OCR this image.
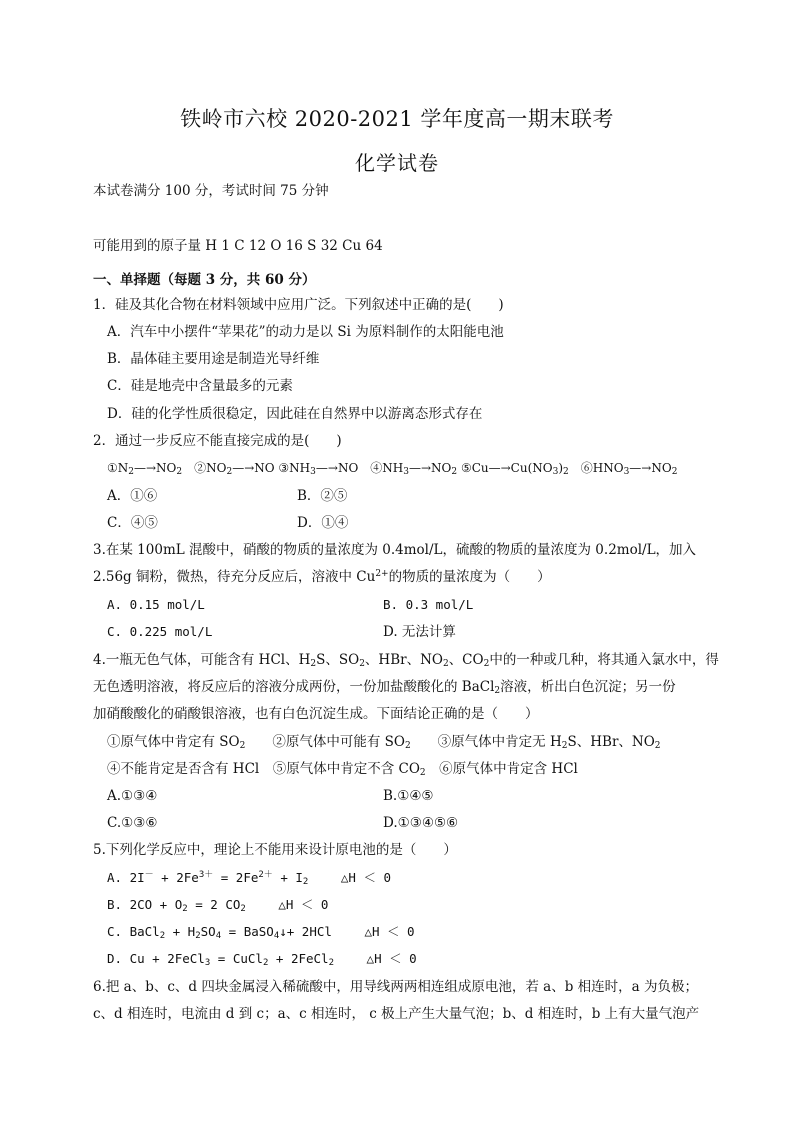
铁岭市六校 2020-2021 学年度高一期末联考
化学试卷
本试卷满分 100 分，考试时间 75 分钟
可能用到的原子量 H 1 C 12 O 16 S 32 Cu 64
一、单择题（每题 3 分，共 60 分）
1．硅及其化合物在材料领域中应用广泛。下列叙述中正确的是(　　)
A．汽车中小摆件“苹果花”的动力是以 Si 为原料制作的太阳能电池
B．晶体硅主要用途是制造光导纤维
C．硅是地壳中含量最多的元素
D．硅的化学性质很稳定，因此硅在自然界中以游离态形式存在
2．通过一步反应不能直接完成的是(　　)
$①N_2—\to NO_2$　$②NO_2—\to NO$ $③NH_3—\to NO$　$④NH_3—\to NO_2$ $⑤Cu—\to Cu(NO_3)_2$　$⑥HNO_3—\to NO_2$
A．①⑥	B．②⑤
C．④⑤	D．①④
3.在某 100mL 混酸中，硝酸的物质的量浓度为 0.4mol/L，硫酸的物质的量浓度为 0.2mol/L，加入
2.56g 铜粉，微热，待充分反应后，溶液中 $Cu^{2+}$的物质的量浓度为（　　）
A. 0.15 mol/L	B. 0.3 mol/L
C. 0.225 mol/L	D. 无法计算
4.一瓶无色气体，可能含有 HCl、$H_2S$、$SO_2$、HBr、$NO_2$、$CO_2$中的一种或几种，将其通入氯水中，得
无色透明溶液，将反应后的溶液分成两份，一份加盐酸酸化的 BaCl$_2$溶液，析出白色沉淀；另一份
加硝酸酸化的硝酸银溶液，也有白色沉淀生成。下面结论正确的是（　　）
①原气体中肯定有 $SO_2$　　②原气体中可能有 $SO_2$　　③原气体中肯定无 $H_2S$、HBr、$NO_2$
④不能肯定是否含有 HCl　⑤原气体中肯定不含 $CO_2$　⑥原气体中肯定含 HCl
A.①③④	B.①④⑤
C.①③⑥	D.①③④⑤⑥
5.下列化学反应中，理论上不能用来设计原电池的是（　　）
A. $2I^- + 2Fe^{3+} = 2Fe^{2+} + I_2$　　 △H ＜ 0
B. $2CO + O_2 = 2$ $CO_2$　　 △H ＜ 0
C. BaCl$_2$ + $H_2SO_4$ = BaSO$_4$↓+ 2HCl　　 △H ＜ 0
D. Cu + 2FeCl$_3$ = CuCl$_2$ + 2FeCl$_2$　　 △H ＜ 0
6.把 a、b、c、d 四块金属浸入稀硫酸中，用导线两两相连组成原电池，若 a、b 相连时，a 为负极；
c、d 相连时，电流由 d 到 c；a、c 相连时， c 极上产生大量气泡；b、d 相连时，b 上有大量气泡产
